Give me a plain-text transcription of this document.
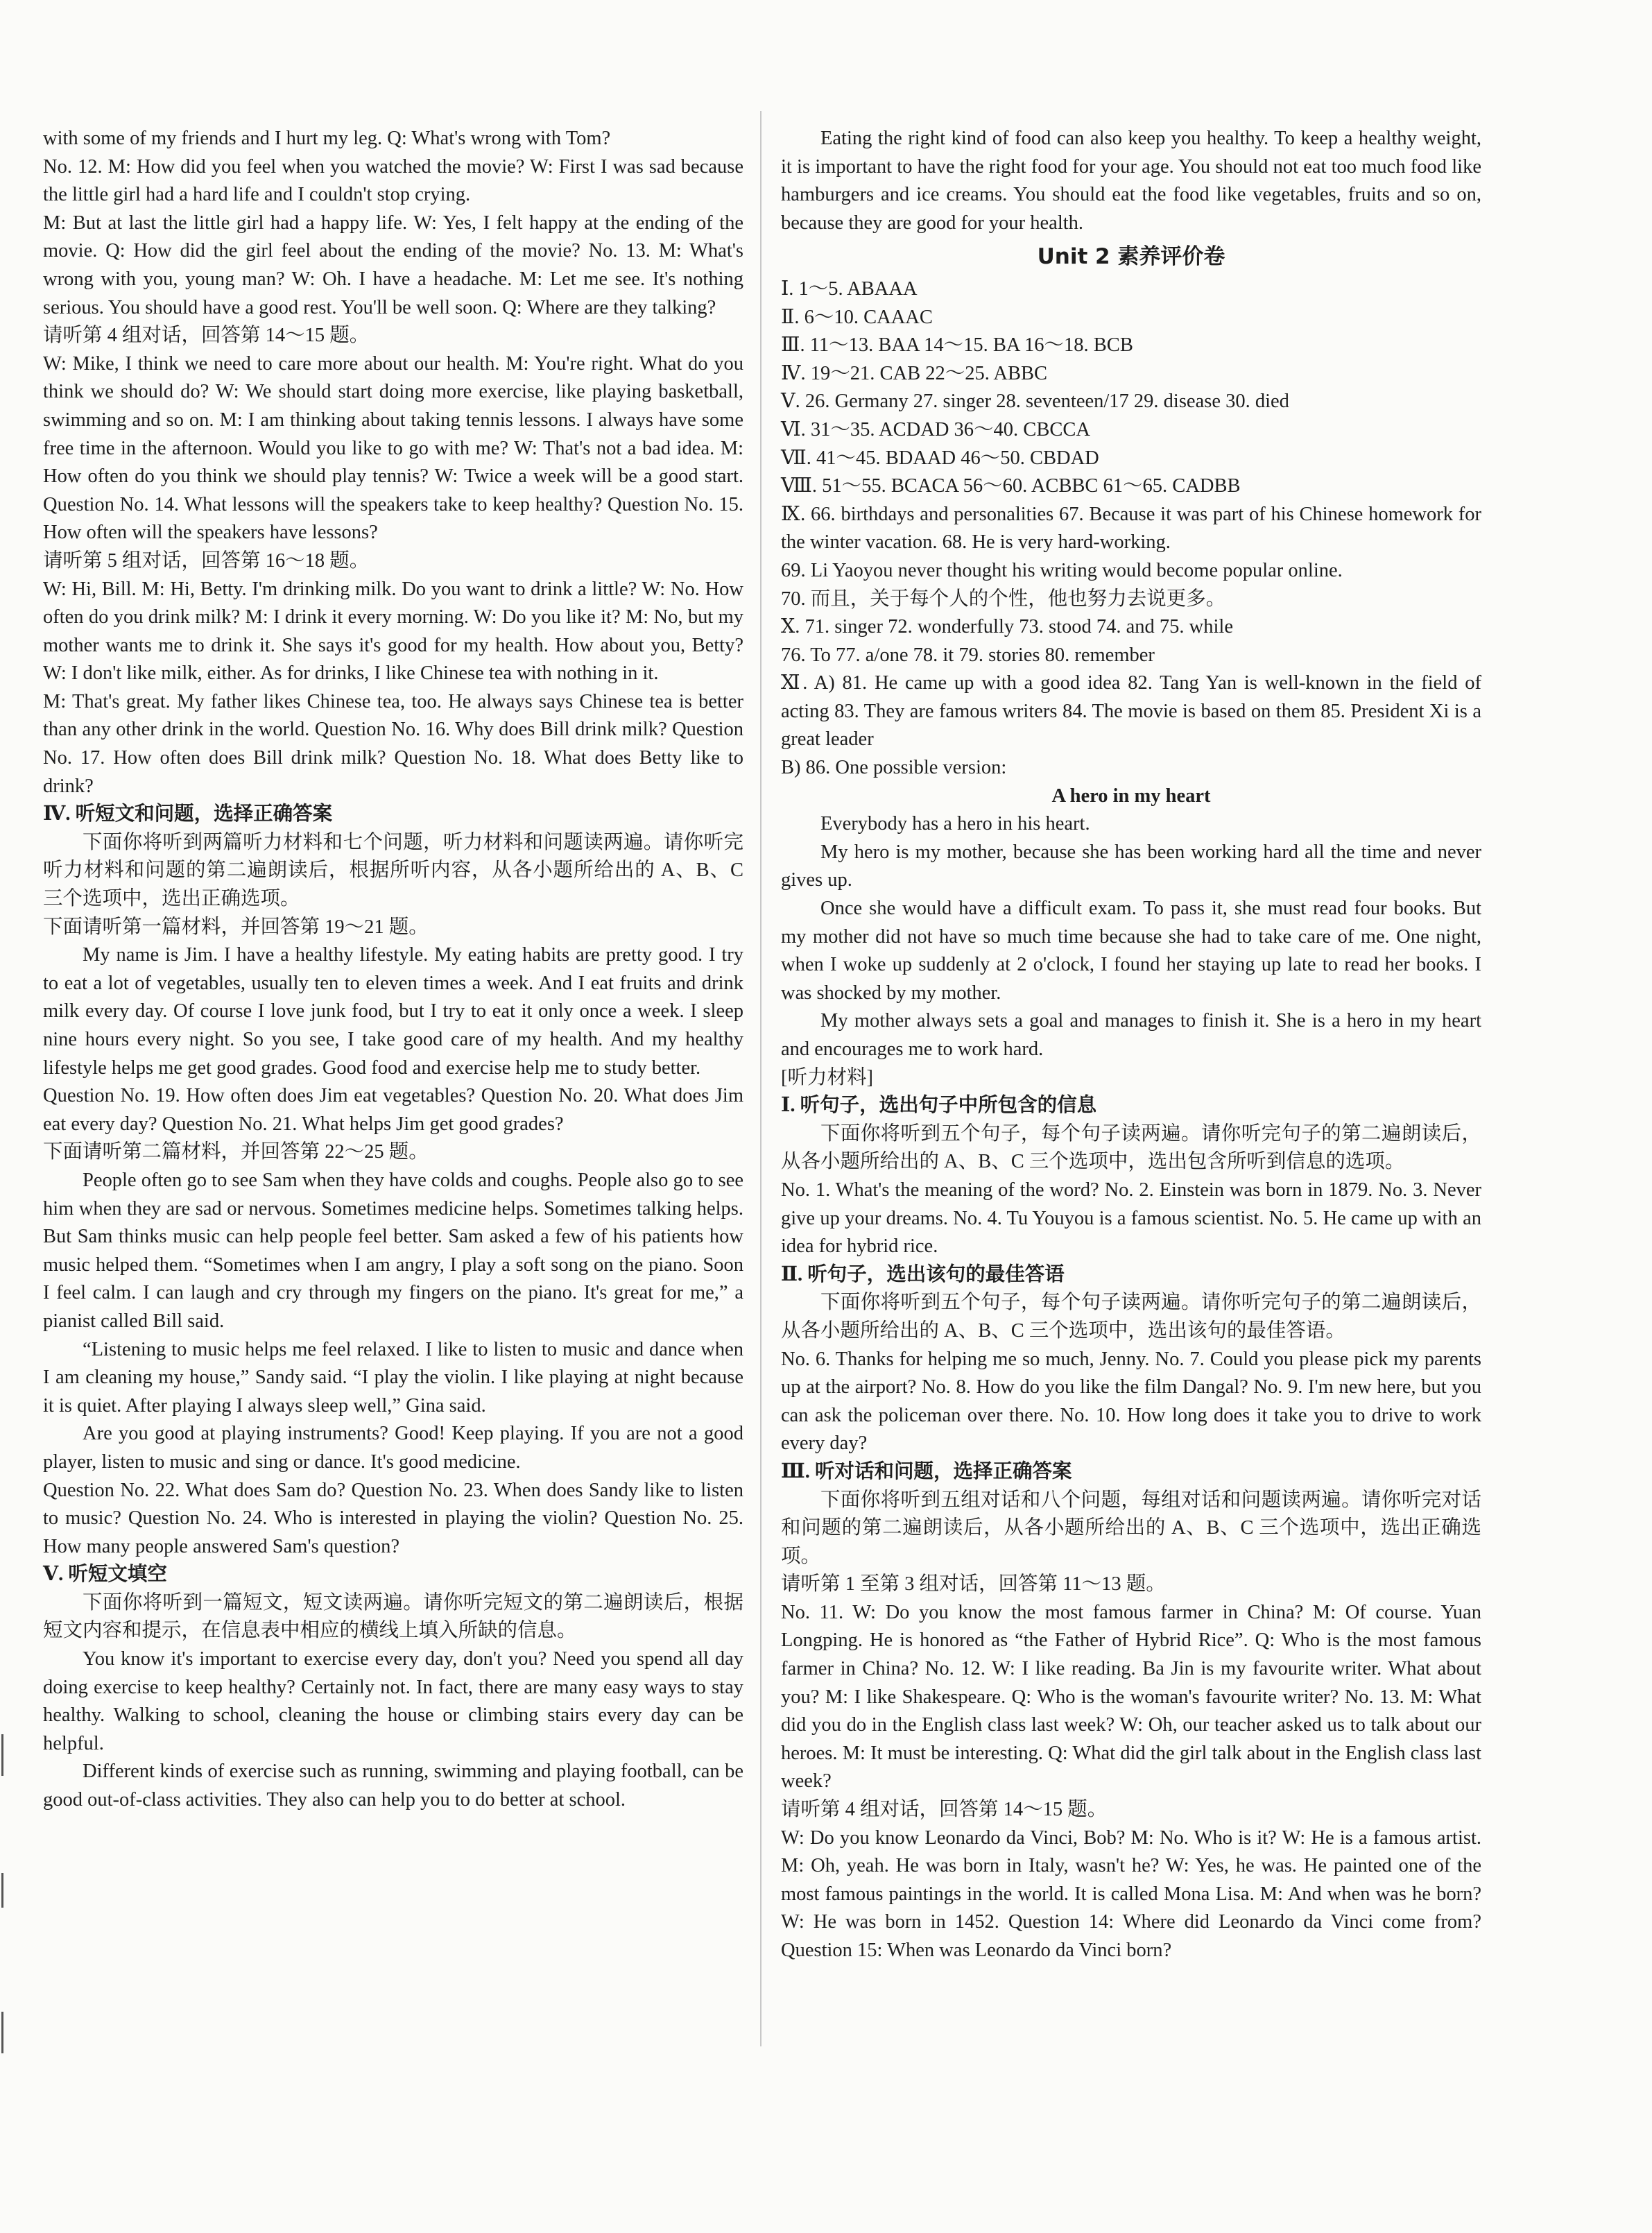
with some of my friends and I hurt my leg. Q: What's wrong with Tom?

No. 12. M: How did you feel when you watched the movie? W: First I was sad because the little girl had a hard life and I couldn't stop crying.

M: But at last the little girl had a happy life. W: Yes, I felt happy at the ending of the movie. Q: How did the girl feel about the ending of the movie? No. 13. M: What's wrong with you, young man? W: Oh. I have a headache. M: Let me see. It's nothing serious. You should have a good rest. You'll be well soon. Q: Where are they talking?

请听第 4 组对话，回答第 14～15 题。

W: Mike, I think we need to care more about our health. M: You're right. What do you think we should do? W: We should start doing more exercise, like playing basketball, swimming and so on. M: I am thinking about taking tennis lessons. I always have some free time in the afternoon. Would you like to go with me? W: That's not a bad idea. M: How often do you think we should play tennis? W: Twice a week will be a good start. Question No. 14. What lessons will the speakers take to keep healthy? Question No. 15. How often will the speakers have lessons?

请听第 5 组对话，回答第 16～18 题。

W: Hi, Bill. M: Hi, Betty. I'm drinking milk. Do you want to drink a little? W: No. How often do you drink milk? M: I drink it every morning. W: Do you like it? M: No, but my mother wants me to drink it. She says it's good for my health. How about you, Betty? W: I don't like milk, either. As for drinks, I like Chinese tea with nothing in it.

M: That's great. My father likes Chinese tea, too. He always says Chinese tea is better than any other drink in the world. Question No. 16. Why does Bill drink milk? Question No. 17. How often does Bill drink milk? Question No. 18. What does Betty like to drink?

Ⅳ. 听短文和问题，选择正确答案

下面你将听到两篇听力材料和七个问题，听力材料和问题读两遍。请你听完听力材料和问题的第二遍朗读后，根据所听内容，从各小题所给出的 A、B、C 三个选项中，选出正确选项。

下面请听第一篇材料，并回答第 19～21 题。

My name is Jim. I have a healthy lifestyle. My eating habits are pretty good. I try to eat a lot of vegetables, usually ten to eleven times a week. And I eat fruits and drink milk every day. Of course I love junk food, but I try to eat it only once a week. I sleep nine hours every night. So you see, I take good care of my health. And my healthy lifestyle helps me get good grades. Good food and exercise help me to study better.

Question No. 19. How often does Jim eat vegetables? Question No. 20. What does Jim eat every day? Question No. 21. What helps Jim get good grades?

下面请听第二篇材料，并回答第 22～25 题。

People often go to see Sam when they have colds and coughs. People also go to see him when they are sad or nervous. Sometimes medicine helps. Sometimes talking helps. But Sam thinks music can help people feel better. Sam asked a few of his patients how music helped them. “Sometimes when I am angry, I play a soft song on the piano. Soon I feel calm. I can laugh and cry through my fingers on the piano. It's great for me,” a pianist called Bill said.

“Listening to music helps me feel relaxed. I like to listen to music and dance when I am cleaning my house,” Sandy said. “I play the violin. I like playing at night because it is quiet. After playing I always sleep well,” Gina said.

Are you good at playing instruments? Good! Keep playing. If you are not a good player, listen to music and sing or dance. It's good medicine.

Question No. 22. What does Sam do? Question No. 23. When does Sandy like to listen to music? Question No. 24. Who is interested in playing the violin? Question No. 25. How many people answered Sam's question?

Ⅴ. 听短文填空

下面你将听到一篇短文，短文读两遍。请你听完短文的第二遍朗读后，根据短文内容和提示，在信息表中相应的横线上填入所缺的信息。

You know it's important to exercise every day, don't you? Need you spend all day doing exercise to keep healthy? Certainly not. In fact, there are many easy ways to stay healthy. Walking to school, cleaning the house or climbing stairs every day can be helpful.

Different kinds of exercise such as running, swimming and playing football, can be good out-of-class activities. They also can help you to do better at school.

Eating the right kind of food can also keep you healthy. To keep a healthy weight, it is important to have the right food for your age. You should not eat too much food like hamburgers and ice creams. You should eat the food like vegetables, fruits and so on, because they are good for your health.

Unit 2 素养评价卷

Ⅰ. 1～5. ABAAA

Ⅱ. 6～10. CAAAC

Ⅲ. 11～13. BAA 14～15. BA 16～18. BCB

Ⅳ. 19～21. CAB 22～25. ABBC

Ⅴ. 26. Germany 27. singer 28. seventeen/17 29. disease 30. died

Ⅵ. 31～35. ACDAD 36～40. CBCCA

Ⅶ. 41～45. BDAAD 46～50. CBDAD

Ⅷ. 51～55. BCACA 56～60. ACBBC 61～65. CADBB

Ⅸ. 66. birthdays and personalities 67. Because it was part of his Chinese homework for the winter vacation. 68. He is very hard-working.

69. Li Yaoyou never thought his writing would become popular online.

70. 而且，关于每个人的个性，他也努力去说更多。

Ⅹ. 71. singer 72. wonderfully 73. stood 74. and 75. while

76. To 77. a/one 78. it 79. stories 80. remember

Ⅺ. A) 81. He came up with a good idea 82. Tang Yan is well-known in the field of acting 83. They are famous writers 84. The movie is based on them 85. President Xi is a great leader

B) 86. One possible version:

A hero in my heart

Everybody has a hero in his heart.

My hero is my mother, because she has been working hard all the time and never gives up.

Once she would have a difficult exam. To pass it, she must read four books. But my mother did not have so much time because she had to take care of me. One night, when I woke up suddenly at 2 o'clock, I found her staying up late to read her books. I was shocked by my mother.

My mother always sets a goal and manages to finish it. She is a hero in my heart and encourages me to work hard.

[听力材料]

Ⅰ. 听句子，选出句子中所包含的信息

下面你将听到五个句子，每个句子读两遍。请你听完句子的第二遍朗读后，从各小题所给出的 A、B、C 三个选项中，选出包含所听到信息的选项。

No. 1. What's the meaning of the word? No. 2. Einstein was born in 1879. No. 3. Never give up your dreams. No. 4. Tu Youyou is a famous scientist. No. 5. He came up with an idea for hybrid rice.

Ⅱ. 听句子，选出该句的最佳答语

下面你将听到五个句子，每个句子读两遍。请你听完句子的第二遍朗读后，从各小题所给出的 A、B、C 三个选项中，选出该句的最佳答语。

No. 6. Thanks for helping me so much, Jenny. No. 7. Could you please pick my parents up at the airport? No. 8. How do you like the film Dangal? No. 9. I'm new here, but you can ask the policeman over there. No. 10. How long does it take you to drive to work every day?

Ⅲ. 听对话和问题，选择正确答案

下面你将听到五组对话和八个问题，每组对话和问题读两遍。请你听完对话和问题的第二遍朗读后，从各小题所给出的 A、B、C 三个选项中，选出正确选项。

请听第 1 至第 3 组对话，回答第 11～13 题。

No. 11. W: Do you know the most famous farmer in China? M: Of course. Yuan Longping. He is honored as “the Father of Hybrid Rice”. Q: Who is the most famous farmer in China? No. 12. W: I like reading. Ba Jin is my favourite writer. What about you? M: I like Shakespeare. Q: Who is the woman's favourite writer? No. 13. M: What did you do in the English class last week? W: Oh, our teacher asked us to talk about our heroes. M: It must be interesting. Q: What did the girl talk about in the English class last week?

请听第 4 组对话，回答第 14～15 题。

W: Do you know Leonardo da Vinci, Bob? M: No. Who is it? W: He is a famous artist. M: Oh, yeah. He was born in Italy, wasn't he? W: Yes, he was. He painted one of the most famous paintings in the world. It is called Mona Lisa. M: And when was he born? W: He was born in 1452. Question 14: Where did Leonardo da Vinci come from? Question 15: When was Leonardo da Vinci born?
